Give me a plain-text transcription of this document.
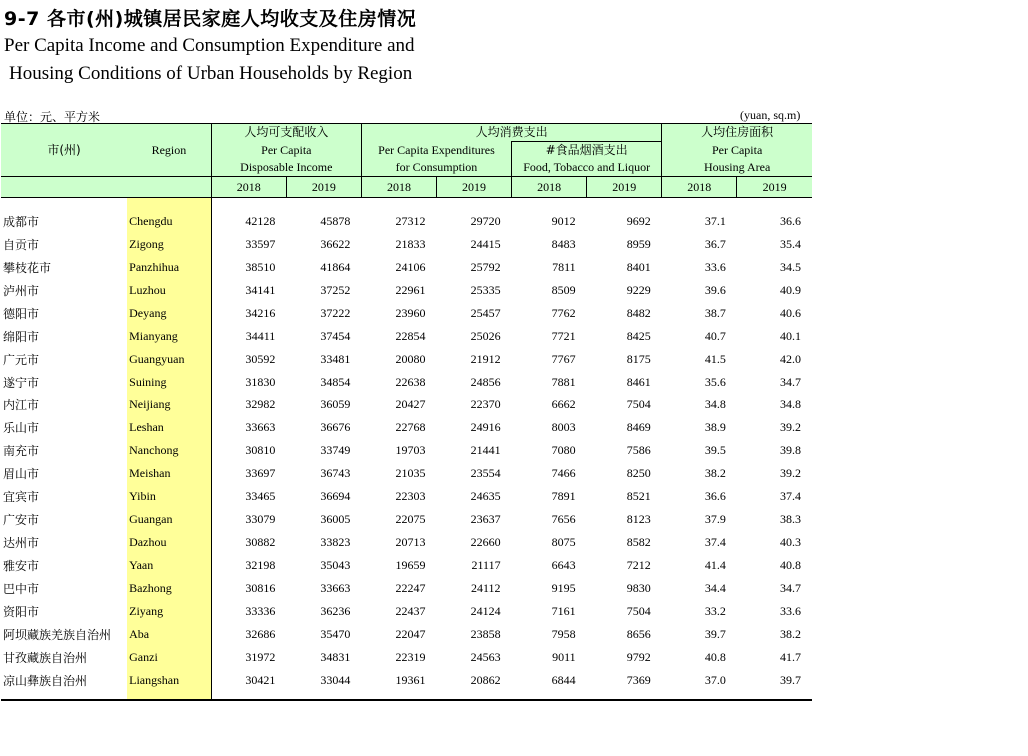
9-7 各市(州)城镇居民家庭人均收支及住房情况
Per Capita Income and Consumption Expenditure and
Housing Conditions of Urban Households by Region
单位：元、平方米	(yuan, sq.m)
市(州)	Region	人均可支配收入		人均消费支出				人均住房面积	
		Per Capita		Per Capita Expenditures		#食品烟酒支出		Per Capita	
		Disposable Income		for Consumption		Food, Tobacco and Liquor		Housing Area	
		2018	2019	2018	2019	2018	2019	2018	2019

成都市	Chengdu	42128	45878	27312	29720	9012	9692	37.1	36.6
自贡市	Zigong	33597	36622	21833	24415	8483	8959	36.7	35.4
攀枝花市	Panzhihua	38510	41864	24106	25792	7811	8401	33.6	34.5
泸州市	Luzhou	34141	37252	22961	25335	8509	9229	39.6	40.9
德阳市	Deyang	34216	37222	23960	25457	7762	8482	38.7	40.6
绵阳市	Mianyang	34411	37454	22854	25026	7721	8425	40.7	40.1
广元市	Guangyuan	30592	33481	20080	21912	7767	8175	41.5	42.0
遂宁市	Suining	31830	34854	22638	24856	7881	8461	35.6	34.7
内江市	Neijiang	32982	36059	20427	22370	6662	7504	34.8	34.8
乐山市	Leshan	33663	36676	22768	24916	8003	8469	38.9	39.2
南充市	Nanchong	30810	33749	19703	21441	7080	7586	39.5	39.8
眉山市	Meishan	33697	36743	21035	23554	7466	8250	38.2	39.2
宜宾市	Yibin	33465	36694	22303	24635	7891	8521	36.6	37.4
广安市	Guangan	33079	36005	22075	23637	7656	8123	37.9	38.3
达州市	Dazhou	30882	33823	20713	22660	8075	8582	37.4	40.3
雅安市	Yaan	32198	35043	19659	21117	6643	7212	41.4	40.8
巴中市	Bazhong	30816	33663	22247	24112	9195	9830	34.4	34.7
资阳市	Ziyang	33336	36236	22437	24124	7161	7504	33.2	33.6
阿坝藏族羌族自治州	Aba	32686	35470	22047	23858	7958	8656	39.7	38.2
甘孜藏族自治州	Ganzi	31972	34831	22319	24563	9011	9792	40.8	41.7
凉山彝族自治州	Liangshan	30421	33044	19361	20862	6844	7369	37.0	39.7
